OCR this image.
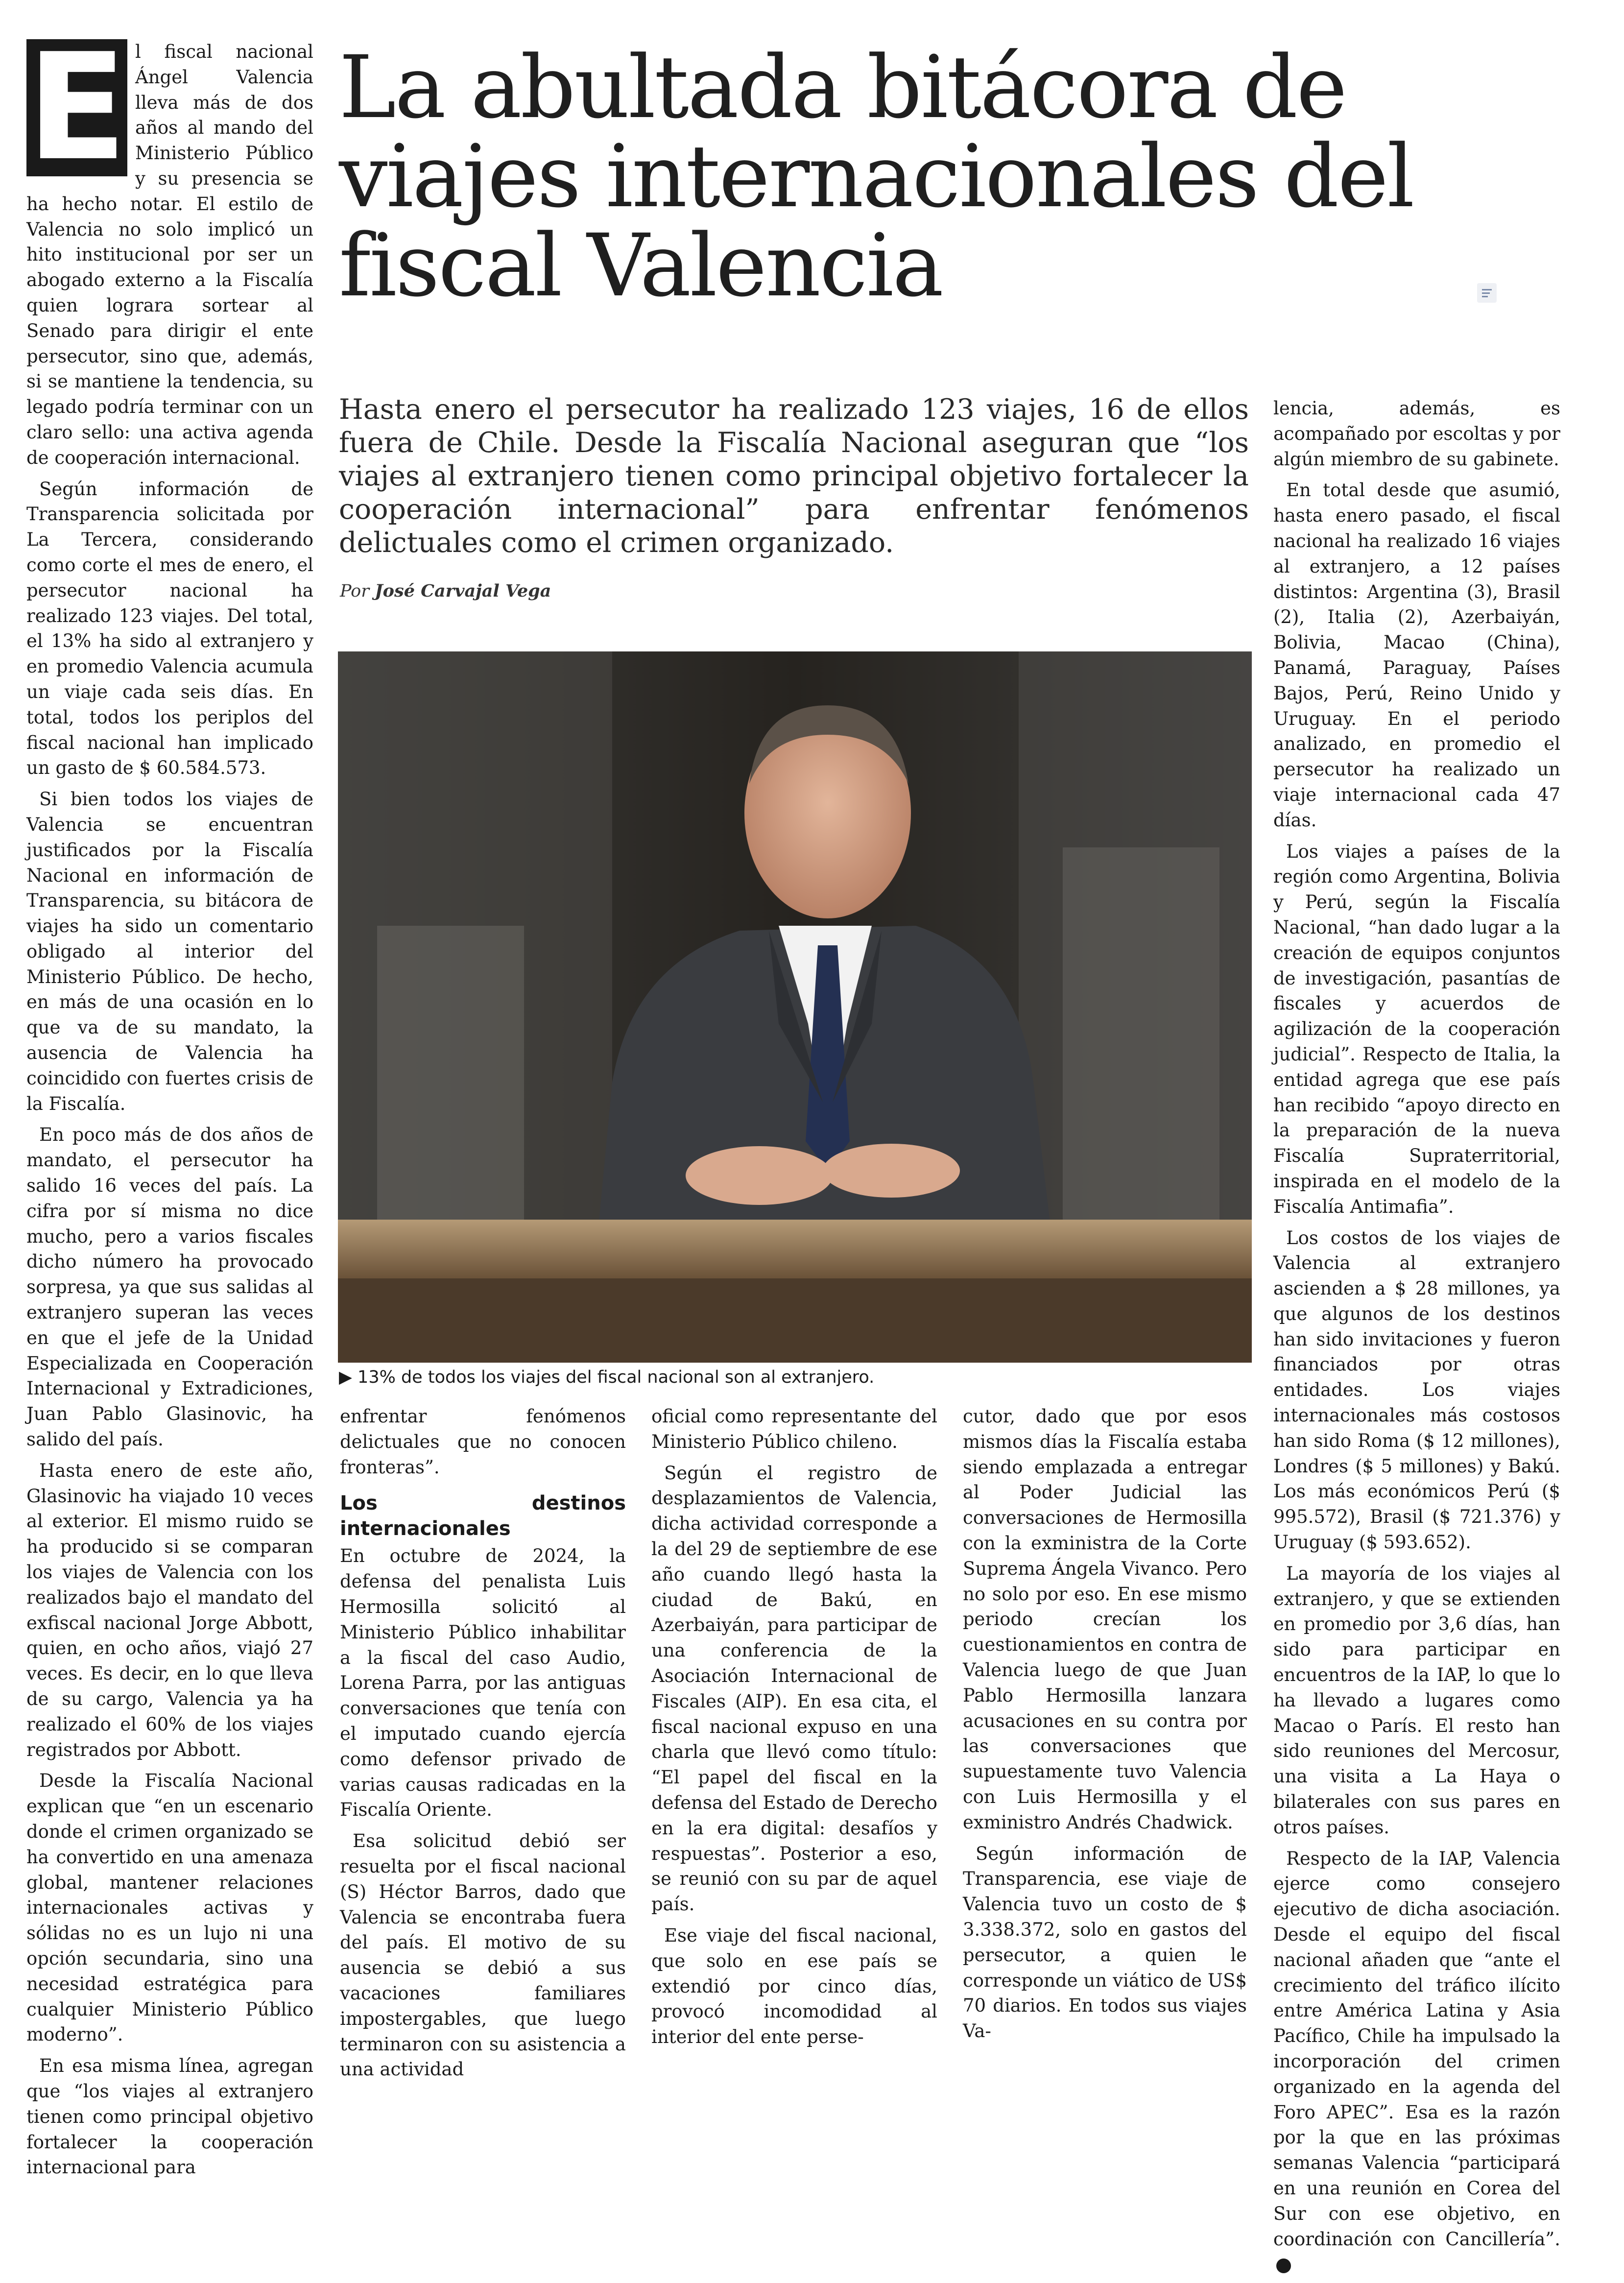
La abultada bitácora de viajes internacionales del fiscal Valencia

E l fiscal nacional Ángel Valencia lleva más de dos años al mando del Ministerio Público y su presencia se ha hecho notar. El estilo de Valencia no solo implicó un hito institucional por ser un abogado externo a la Fiscalía quien lograra sortear al Senado para dirigir el ente persecutor, sino que, además, si se mantiene la tendencia, su legado podría terminar con un claro sello: una activa agenda de cooperación internacional.

Según información de Transparencia solicitada por La Tercera, considerando como corte el mes de enero, el persecutor nacional ha realizado 123 viajes. Del total, el 13% ha sido al extranjero y en promedio Valencia acumula un viaje cada seis días. En total, todos los periplos del fiscal nacional han implicado un gasto de $ 60.584.573.

Si bien todos los viajes de Valencia se encuentran justificados por la Fiscalía Nacional en información de Transparencia, su bitácora de viajes ha sido un comentario obligado al interior del Ministerio Público. De hecho, en más de una ocasión en lo que va de su mandato, la ausencia de Valencia ha coincidido con fuertes crisis de la Fiscalía.

En poco más de dos años de mandato, el persecutor ha salido 16 veces del país. La cifra por sí misma no dice mucho, pero a varios fiscales dicho número ha provocado sorpresa, ya que sus salidas al extranjero superan las veces en que el jefe de la Unidad Especializada en Cooperación Internacional y Extradiciones, Juan Pablo Glasinovic, ha salido del país.

Hasta enero de este año, Glasinovic ha viajado 10 veces al exterior. El mismo ruido se ha producido si se comparan los viajes de Valencia con los realizados bajo el mandato del exfiscal nacional Jorge Abbott, quien, en ocho años, viajó 27 veces. Es decir, en lo que lleva de su cargo, Valencia ya ha realizado el 60% de los viajes registrados por Abbott.

Desde la Fiscalía Nacional explican que “en un escenario donde el crimen organizado se ha convertido en una amenaza global, mantener relaciones internacionales activas y sólidas no es un lujo ni una opción secundaria, sino una necesidad estratégica para cualquier Ministerio Público moderno”.

En esa misma línea, agregan que “los viajes al extranjero tienen como principal objetivo fortalecer la cooperación internacional para

Hasta enero el persecutor ha realizado 123 viajes, 16 de ellos fuera de Chile. Desde la Fiscalía Nacional aseguran que “los viajes al extranjero tienen como principal objetivo fortalecer la cooperación internacional” para enfrentar fenómenos delictuales como el crimen organizado.

Por José Carvajal Vega
▶ 13% de todos los viajes del fiscal nacional son al extranjero.

enfrentar fenómenos delictuales que no conocen fronteras”.

Los destinos internacionales

En octubre de 2024, la defensa del penalista Luis Hermosilla solicitó al Ministerio Público inhabilitar a la fiscal del caso Audio, Lorena Parra, por las antiguas conversaciones que tenía con el imputado cuando ejercía como defensor privado de varias causas radicadas en la Fiscalía Oriente.

Esa solicitud debió ser resuelta por el fiscal nacional (S) Héctor Barros, dado que Valencia se encontraba fuera del país. El motivo de su ausencia se debió a sus vacaciones familiares impostergables, que luego terminaron con su asistencia a una actividad

oficial como representante del Ministerio Público chileno.

Según el registro de desplazamientos de Valencia, dicha actividad corresponde a la del 29 de septiembre de ese año cuando llegó hasta la ciudad de Bakú, en Azerbaiyán, para participar de una conferencia de la Asociación Internacional de Fiscales (AIP). En esa cita, el fiscal nacional expuso en una charla que llevó como título: “El papel del fiscal en la defensa del Estado de Derecho en la era digital: desafíos y respuestas”. Posterior a eso, se reunió con su par de aquel país.

Ese viaje del fiscal nacional, que solo en ese país se extendió por cinco días, provocó incomodidad al interior del ente perse-

cutor, dado que por esos mismos días la Fiscalía estaba siendo emplazada a entregar al Poder Judicial las conversaciones de Hermosilla con la exministra de la Corte Suprema Ángela Vivanco. Pero no solo por eso. En ese mismo periodo crecían los cuestionamientos en contra de Valencia luego de que Juan Pablo Hermosilla lanzara acusaciones en su contra por las conversaciones que supuestamente tuvo Valencia con Luis Hermosilla y el exministro Andrés Chadwick.

Según información de Transparencia, ese viaje de Valencia tuvo un costo de $ 3.338.372, solo en gastos del persecutor, a quien le corresponde un viático de US$ 70 diarios. En todos sus viajes Va-

lencia, además, es acompañado por escoltas y por algún miembro de su gabinete.

En total desde que asumió, hasta enero pasado, el fiscal nacional ha realizado 16 viajes al extranjero, a 12 países distintos: Argentina (3), Brasil (2), Italia (2), Azerbaiyán, Bolivia, Macao (China), Panamá, Paraguay, Países Bajos, Perú, Reino Unido y Uruguay. En el periodo analizado, en promedio el persecutor ha realizado un viaje internacional cada 47 días.

Los viajes a países de la región como Argentina, Bolivia y Perú, según la Fiscalía Nacional, “han dado lugar a la creación de equipos conjuntos de investigación, pasantías de fiscales y acuerdos de agilización de la cooperación judicial”. Respecto de Italia, la entidad agrega que ese país han recibido “apoyo directo en la preparación de la nueva Fiscalía Supraterritorial, inspirada en el modelo de la Fiscalía Antimafia”.

Los costos de los viajes de Valencia al extranjero ascienden a $ 28 millones, ya que algunos de los destinos han sido invitaciones y fueron financiados por otras entidades. Los viajes internacionales más costosos han sido Roma ($ 12 millones), Londres ($ 5 millones) y Bakú. Los más económicos Perú ($ 995.572), Brasil ($ 721.376) y Uruguay ($ 593.652).

La mayoría de los viajes al extranjero, y que se extienden en promedio por 3,6 días, han sido para participar en encuentros de la IAP, lo que lo ha llevado a lugares como Macao o París. El resto han sido reuniones del Mercosur, una visita a La Haya o bilaterales con sus pares en otros países.

Respecto de la IAP, Valencia ejerce como consejero ejecutivo de dicha asociación. Desde el equipo del fiscal nacional añaden que “ante el crecimiento del tráfico ilícito entre América Latina y Asia Pacífico, Chile ha impulsado la incorporación del crimen organizado en la agenda del Foro APEC”. Esa es la razón por la que en las próximas semanas Valencia “participará en una reunión en Corea del Sur con ese objetivo, en coordinación con Cancillería”.
